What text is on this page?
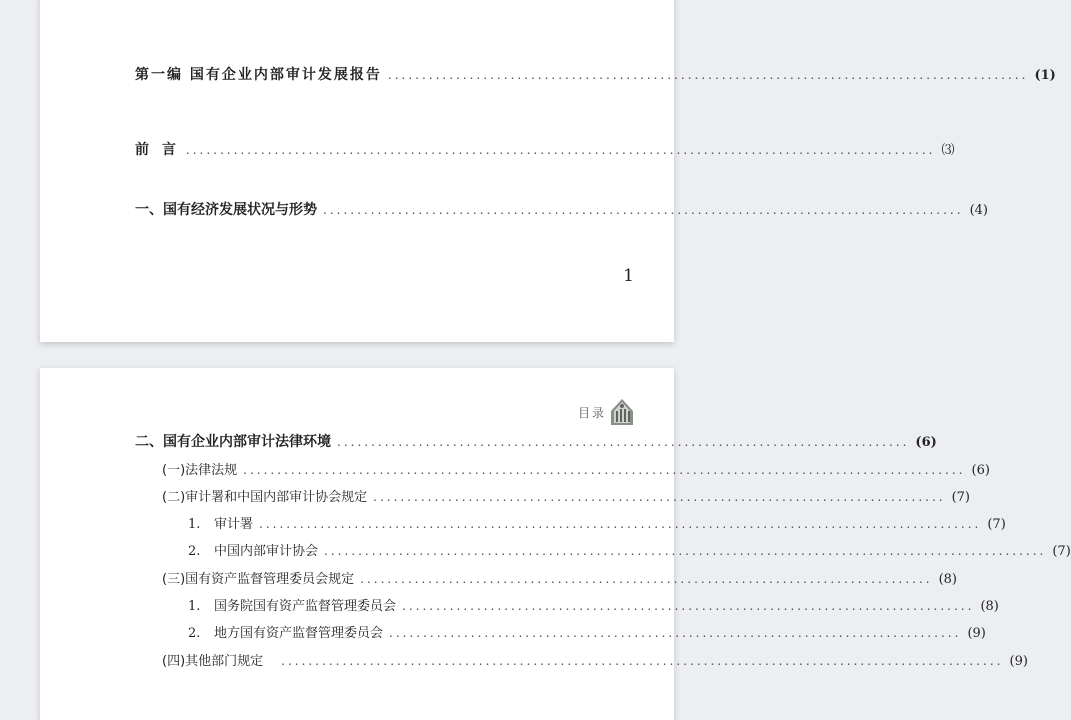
第一编 国有企业内部审计发展报告 .............................................................................................. (1)
前 言 .............................................................................................................. ⑶
一、国有经济发展状况与形势 .............................................................................................. (4)
1
目录
二、国有企业内部审计法律环境 .................................................................................... (6)
(一)法律法规 .......................................................................................................... (6)
(二)审计署和中国内部审计协会规定 .................................................................................... (7)
1. 审计署 .......................................................................................................... (7)
2. 中国内部审计协会 .......................................................................................................... (7)
(三)国有资产监督管理委员会规定 .................................................................................... (8)
1. 国务院国有资产监督管理委员会 .................................................................................... (8)
2. 地方国有资产监督管理委员会 .................................................................................... (9)
(四)其他部门规定 .......................................................................................................... (9)
